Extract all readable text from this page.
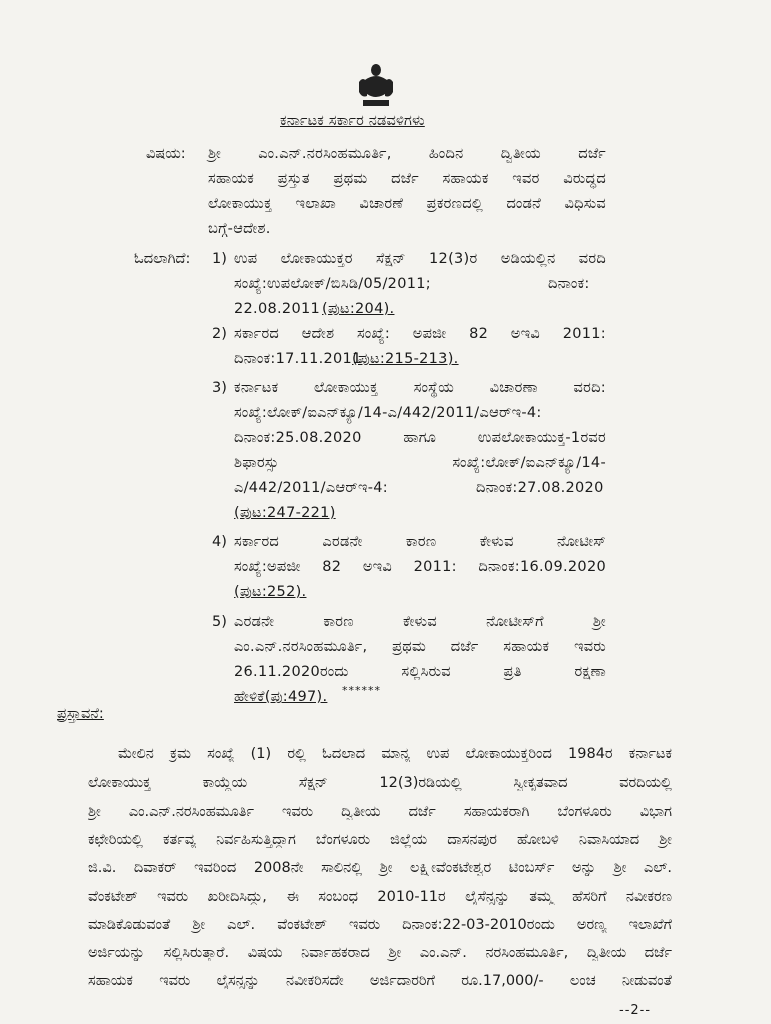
ಕರ್ನಾಟಕ ಸರ್ಕಾರ ನಡವಳಿಗಳು
ವಿಷಯ: ಶ್ರೀ ಎಂ.ಎನ್.ನರಸಿಂಹಮೂರ್ತಿ, ಹಿಂದಿನ ದ್ವಿತೀಯ ದರ್ಜೆ
ಸಹಾಯಕ ಪ್ರಸ್ತುತ ಪ್ರಥಮ ದರ್ಜೆ ಸಹಾಯಕ ಇವರ ವಿರುದ್ಧದ
ಲೋಕಾಯುಕ್ತ ಇಲಾಖಾ ವಿಚಾರಣೆ ಪ್ರಕರಣದಲ್ಲಿ ದಂಡನೆ ವಿಧಿಸುವ
ಬಗ್ಗೆ-ಆದೇಶ.
ಓದಲಾಗಿದೆ: 1) ಉಪ ಲೋಕಾಯುಕ್ತರ ಸೆಕ್ಷನ್ 12(3)ರ ಅಡಿಯಲ್ಲಿನ ವರದಿ
ಸಂಖ್ಯೆ:ಉಪಲೋಕ್/ಬಿಸಿಡಿ/05/2011;	ದಿನಾಂಕ:
22.08.2011 (ಪುಟ:204).
2) ಸರ್ಕಾರದ ಆದೇಶ ಸಂಖ್ಯೆ: ಅಪಜೀ 82 ಅಇವಿ 2011:
ದಿನಾಂಕ:17.11.2011
(ಪುಟ:215-213).
3) ಕರ್ನಾಟಕ ಲೋಕಾಯುಕ್ತ ಸಂಸ್ಥೆಯ ವಿಚಾರಣಾ ವರದಿ:
ಸಂಖ್ಯೆ:ಲೋಕ್/ಐಎನ್‌ಕ್ಯೂ/14-ಎ/442/2011/ಎಆರ್‌ಇ-4:
ದಿನಾಂಕ:25.08.2020 ಹಾಗೂ ಉಪಲೋಕಾಯುಕ್ತ-1ರವರ
ಶಿಫಾರಸ್ಸು ಸಂಖ್ಯೆ:ಲೋಕ್/ಐಎನ್‌ಕ್ಯೂ/14-
ಎ/442/2011/ಎಆರ್‌ಇ-4:	ದಿನಾಂಕ:27.08.2020
(ಪುಟ:247-221)
4) ಸರ್ಕಾರದ ಎರಡನೇ ಕಾರಣ ಕೇಳುವ ನೋಟೀಸ್
ಸಂಖ್ಯೆ:ಅಪಜೀ 82 ಅಇವಿ 2011: ದಿನಾಂಕ:16.09.2020
(ಪುಟ:252).
5) ಎರಡನೇ ಕಾರಣ ಕೇಳುವ ನೋಟೀಸ್‌ಗೆ ಶ್ರೀ
ಎಂ.ಎನ್.ನರಸಿಂಹಮೂರ್ತಿ, ಪ್ರಥಮ ದರ್ಜೆ ಸಹಾಯಕ ಇವರು
26.11.2020ರಂದು ಸಲ್ಲಿಸಿರುವ ಪ್ರತಿ ರಕ್ಷಣಾ
ಹೇಳಿಕೆ(ಪು:497). ******
ಪ್ರಸ್ತಾವನೆ:
ಮೇಲಿನ ಕ್ರಮ ಸಂಖ್ಯೆ (1) ರಲ್ಲಿ ಓದಲಾದ ಮಾನ್ಯ ಉಪ ಲೋಕಾಯುಕ್ತರಿಂದ 1984ರ ಕರ್ನಾಟಕ
ಲೋಕಾಯುಕ್ತ ಕಾಯ್ದೆಯ ಸೆಕ್ಷನ್ 12(3)ರಡಿಯಲ್ಲಿ ಸ್ವೀಕೃತವಾದ ವರದಿಯಲ್ಲಿ
ಶ್ರೀ ಎಂ.ಎನ್.ನರಸಿಂಹಮೂರ್ತಿ ಇವರು ದ್ವಿತೀಯ ದರ್ಜೆ ಸಹಾಯಕರಾಗಿ ಬೆಂಗಳೂರು ವಿಭಾಗ
ಕಛೇರಿಯಲ್ಲಿ ಕರ್ತವ್ಯ ನಿರ್ವಹಿಸುತ್ತಿದ್ದಾಗ ಬೆಂಗಳೂರು ಜಿಲ್ಲೆಯ ದಾಸನಪುರ ಹೋಬಳಿ ನಿವಾಸಿಯಾದ ಶ್ರೀ
ಜಿ.ವಿ. ದಿವಾಕರ್ ಇವರಿಂದ 2008ನೇ ಸಾಲಿನಲ್ಲಿ ಶ್ರೀ ಲಕ್ಷ್ಮೀವೆಂಕಟೇಶ್ವರ ಟಿಂಬರ್ಸ್ ಅನ್ನು ಶ್ರೀ ಎಲ್.
ವೆಂಕಟೇಶ್ ಇವರು ಖರೀದಿಸಿದ್ದು, ಈ ಸಂಬಂಧ 2010-11ರ ಲೈಸೆನ್ಸನ್ನು ತಮ್ಮ ಹೆಸರಿಗೆ ನವೀಕರಣ
ಮಾಡಿಕೊಡುವಂತೆ ಶ್ರೀ ಎಲ್. ವೆಂಕಟೇಶ್ ಇವರು ದಿನಾಂಕ:22-03-2010ರಂದು ಅರಣ್ಯ ಇಲಾಖೆಗೆ
ಅರ್ಜಿಯನ್ನು ಸಲ್ಲಿಸಿರುತ್ತಾರೆ. ವಿಷಯ ನಿರ್ವಾಹಕರಾದ ಶ್ರೀ ಎಂ.ಎನ್. ನರಸಿಂಹಮೂರ್ತಿ, ದ್ವಿತೀಯ ದರ್ಜೆ
ಸಹಾಯಕ ಇವರು ಲೈಸನ್ಸನ್ನು ನವೀಕರಿಸದೇ ಅರ್ಜಿದಾರರಿಗೆ ರೂ.17,000/- ಲಂಚ ನೀಡುವಂತೆ
--2--
